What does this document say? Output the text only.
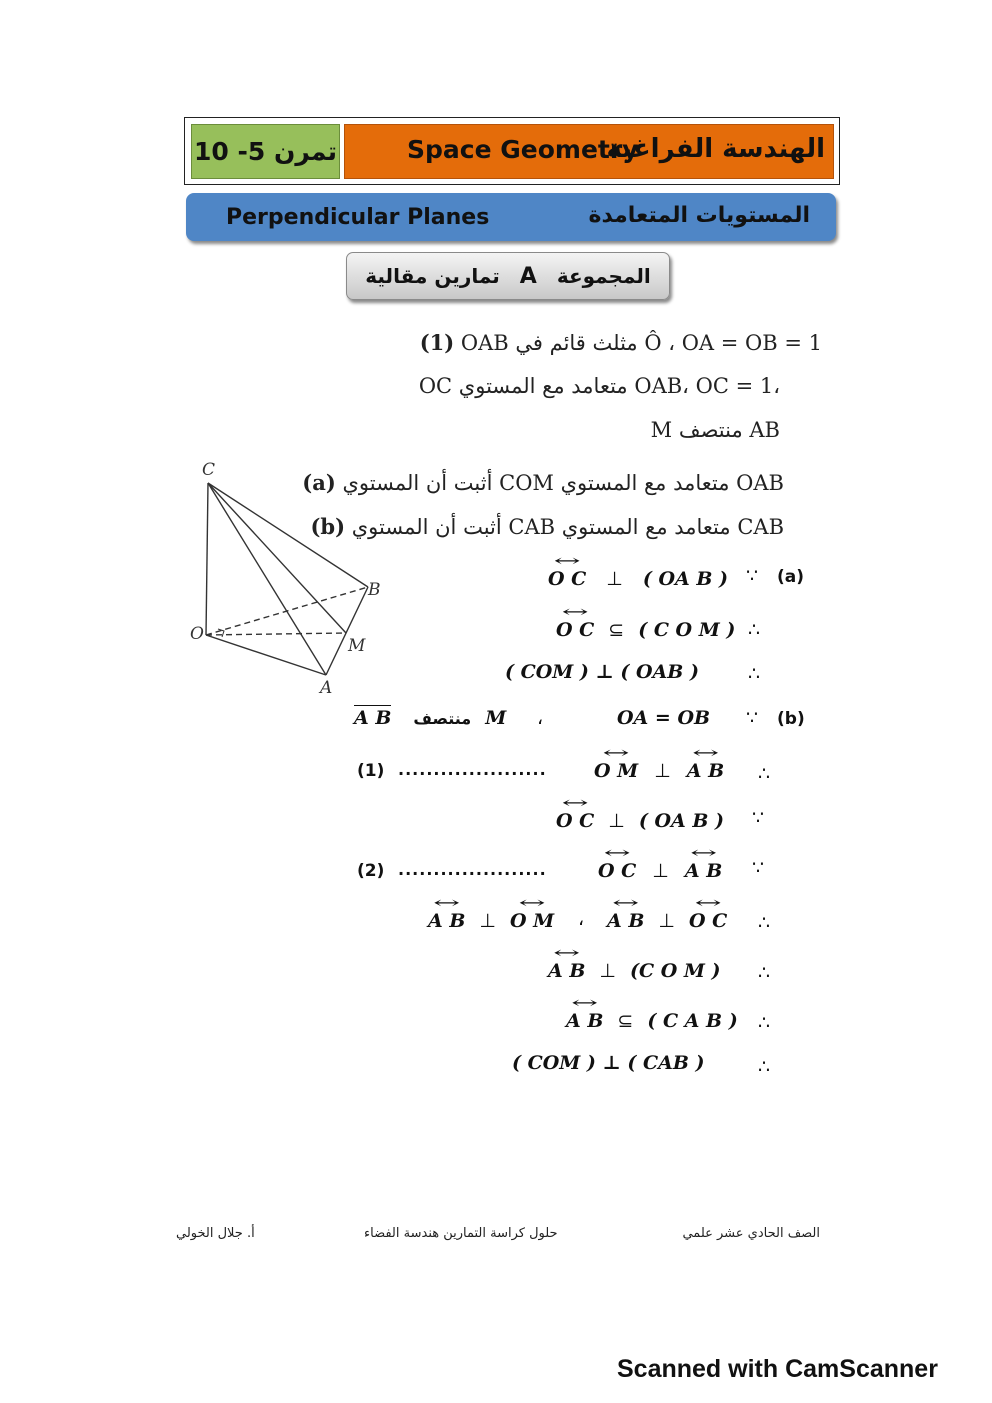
تمرن 5- 10	Space Geometry
الهندسة الفراغية
Perpendicular Planes	المستويات المتعامدة
المجموعة
A
تمارين مقالية
(1) OAB مثلث قائم في Ô ، OA = OB = 1
OC متعامد مع المستوي OAB، OC = 1،
M منتصف AB
(a) أثبت أن المستوي COM متعامد مع المستوي OAB
(b) أثبت أن المستوي CAB متعامد مع المستوي CAB
C
O
B
M
A
(a)
∵
↔ O C ⊥ ( OA B )
∴
↔ O C ⊆ ( C O M )
∴
( COM ) ⊥ ( OAB )
(b)
∵
OA = OB
،
A B منتصف M
(1) ..................... ↔ O M ⊥ ↔ A B ∴
↔ O C ⊥ ( OA B ) ∵
(2) .....................	↔ O C ⊥ ↔ A B ∵
↔ A B ⊥ ↔ O M ، ↔ A B ⊥ ↔ O C ∴
↔ A B ⊥ (C O M ) ∴
↔ A B ⊆ ( C A B ) ∴
( COM ) ⊥ ( CAB )	∴
الصف الحادي عشر علمي
حلول كراسة التمارين هندسة الفضاء
أ. جلال الخولي
Scanned with CamScanner
